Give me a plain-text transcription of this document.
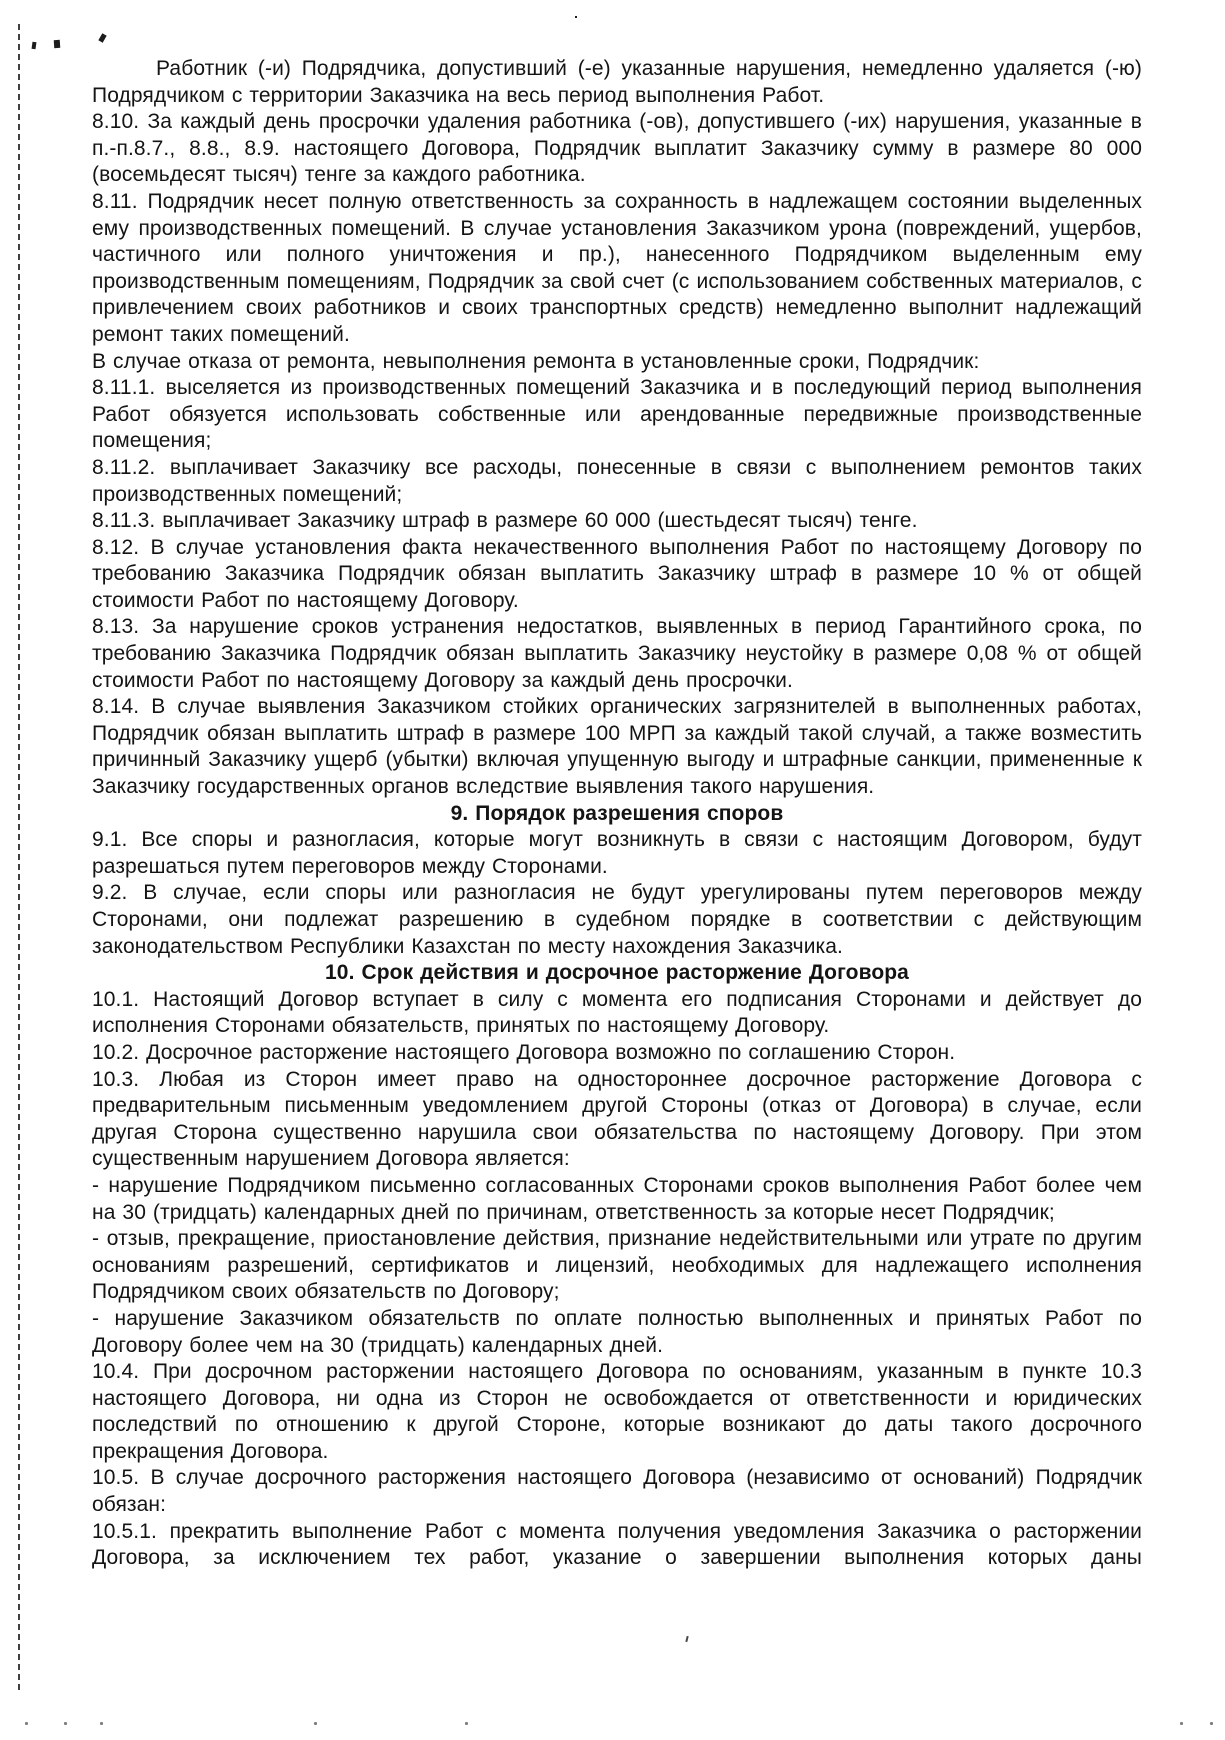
Работник (-и) Подрядчика, допустивший (-е) указанные нарушения, немедленно удаляется (-ю) Подрядчиком с территории Заказчика на весь период выполнения Работ.

8.10. За каждый день просрочки удаления работника (-ов), допустившего (-их) нарушения, указанные в п.-п.8.7., 8.8., 8.9. настоящего Договора, Подрядчик выплатит Заказчику сумму в размере 80 000 (восемьдесят тысяч) тенге за каждого работника.

8.11. Подрядчик несет полную ответственность за сохранность в надлежащем состоянии выделенных ему производственных помещений. В случае установления Заказчиком урона (повреждений, ущербов, частичного или полного уничтожения и пр.), нанесенного Подрядчиком выделенным ему производственным помещениям, Подрядчик за свой счет (с использованием собственных материалов, с привлечением своих работников и своих транспортных средств) немедленно выполнит надлежащий ремонт таких помещений.

В случае отказа от ремонта, невыполнения ремонта в установленные сроки, Подрядчик:

8.11.1. выселяется из производственных помещений Заказчика и в последующий период выполнения Работ обязуется использовать собственные или арендованные передвижные производственные помещения;

8.11.2. выплачивает Заказчику все расходы, понесенные в связи с выполнением ремонтов таких производственных помещений;

8.11.3. выплачивает Заказчику штраф в размере 60 000 (шестьдесят тысяч) тенге.

8.12. В случае установления факта некачественного выполнения Работ по настоящему Договору по требованию Заказчика Подрядчик обязан выплатить Заказчику штраф в размере 10 % от общей стоимости Работ по настоящему Договору.

8.13. За нарушение сроков устранения недостатков, выявленных в период Гарантийного срока, по требованию Заказчика Подрядчик обязан выплатить Заказчику неустойку в размере 0,08 % от общей стоимости Работ по настоящему Договору за каждый день просрочки.

8.14. В случае выявления Заказчиком стойких органических загрязнителей в выполненных работах, Подрядчик обязан выплатить штраф в размере 100 МРП за каждый такой случай, а также возместить причинный Заказчику ущерб (убытки) включая упущенную выгоду и штрафные санкции, примененные к Заказчику государственных органов вследствие выявления такого нарушения.

9. Порядок разрешения споров

9.1. Все споры и разногласия, которые могут возникнуть в связи с настоящим Договором, будут разрешаться путем переговоров между Сторонами.

9.2. В случае, если споры или разногласия не будут урегулированы путем переговоров между Сторонами, они подлежат разрешению в судебном порядке в соответствии с действующим законодательством Республики Казахстан по месту нахождения Заказчика.

10. Срок действия и досрочное расторжение Договора

10.1. Настоящий Договор вступает в силу с момента его подписания Сторонами и действует до исполнения Сторонами обязательств, принятых по настоящему Договору.

10.2. Досрочное расторжение настоящего Договора возможно по соглашению Сторон.

10.3. Любая из Сторон имеет право на одностороннее досрочное расторжение Договора с предварительным письменным уведомлением другой Стороны (отказ от Договора) в случае, если другая Сторона существенно нарушила свои обязательства по настоящему Договору. При этом существенным нарушением Договора является:

- нарушение Подрядчиком письменно согласованных Сторонами сроков выполнения Работ более чем на 30 (тридцать) календарных дней по причинам, ответственность за которые несет Подрядчик;

- отзыв, прекращение, приостановление действия, признание недействительными или утрате по другим основаниям разрешений, сертификатов и лицензий, необходимых для надлежащего исполнения Подрядчиком своих обязательств по Договору;

- нарушение Заказчиком обязательств по оплате полностью выполненных и принятых Работ по Договору более чем на 30 (тридцать) календарных дней.

10.4. При досрочном расторжении настоящего Договора по основаниям, указанным в пункте 10.3 настоящего Договора, ни одна из Сторон не освобождается от ответственности и юридических последствий по отношению к другой Стороне, которые возникают до даты такого досрочного прекращения Договора.

10.5. В случае досрочного расторжения настоящего Договора (независимо от оснований) Подрядчик обязан:

10.5.1. прекратить выполнение Работ с момента получения уведомления Заказчика о расторжении Договора, за исключением тех работ, указание о завершении выполнения которых даны
